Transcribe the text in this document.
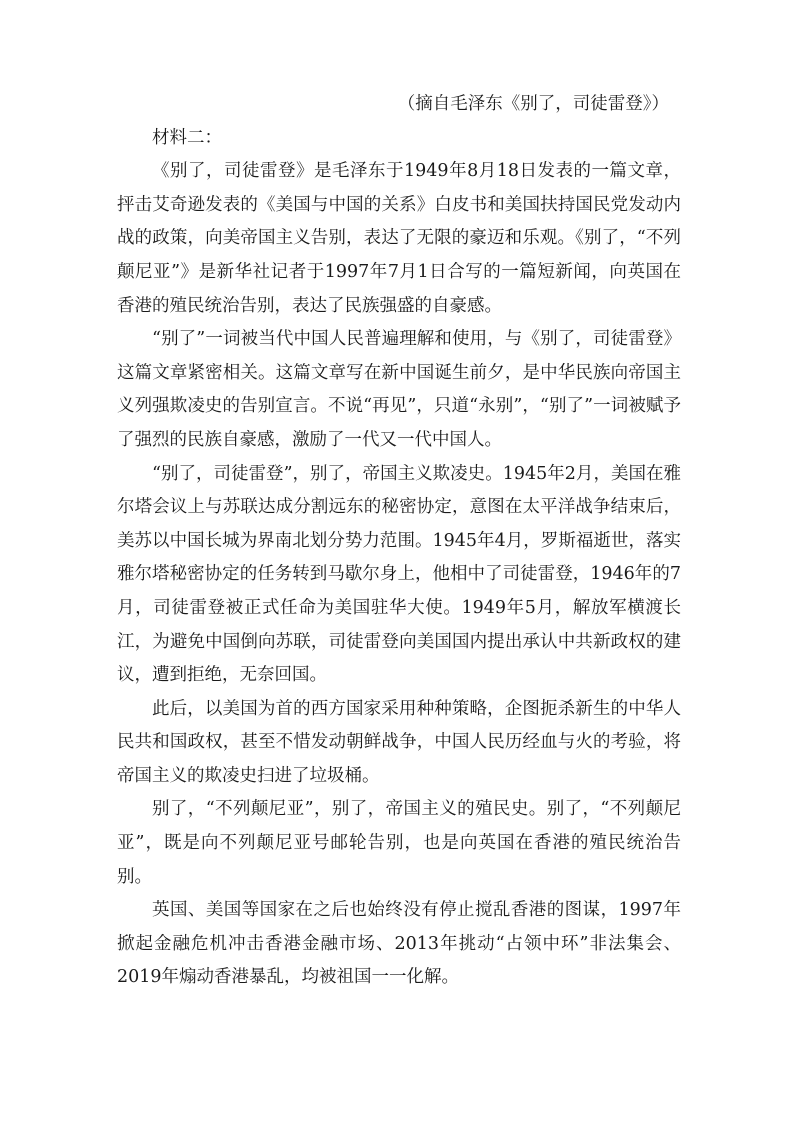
（摘自毛泽东《别了，司徒雷登》）

材料二：

《别了，司徒雷登》是毛泽东于1949年8月18日发表的一篇文章，抨击艾奇逊发表的《美国与中国的关系》白皮书和美国扶持国民党发动内战的政策，向美帝国主义告别，表达了无限的豪迈和乐观。《别了，“不列颠尼亚”》是新华社记者于1997年7月1日合写的一篇短新闻，向英国在香港的殖民统治告别，表达了民族强盛的自豪感。

“别了”一词被当代中国人民普遍理解和使用，与《别了，司徒雷登》这篇文章紧密相关。这篇文章写在新中国诞生前夕，是中华民族向帝国主义列强欺凌史的告别宣言。不说“再见”，只道“永别”，“别了”一词被赋予了强烈的民族自豪感，激励了一代又一代中国人。

“别了，司徒雷登”，别了，帝国主义欺凌史。1945年2月，美国在雅尔塔会议上与苏联达成分割远东的秘密协定，意图在太平洋战争结束后，美苏以中国长城为界南北划分势力范围。1945年4月，罗斯福逝世，落实雅尔塔秘密协定的任务转到马歇尔身上，他相中了司徒雷登，1946年的7月，司徒雷登被正式任命为美国驻华大使。1949年5月，解放军横渡长江，为避免中国倒向苏联，司徒雷登向美国国内提出承认中共新政权的建议，遭到拒绝，无奈回国。

此后，以美国为首的西方国家采用种种策略，企图扼杀新生的中华人民共和国政权，甚至不惜发动朝鲜战争，中国人民历经血与火的考验，将帝国主义的欺凌史扫进了垃圾桶。

别了，“不列颠尼亚”，别了，帝国主义的殖民史。别了，“不列颠尼亚”，既是向不列颠尼亚号邮轮告别，也是向英国在香港的殖民统治告别。

英国、美国等国家在之后也始终没有停止搅乱香港的图谋，1997年掀起金融危机冲击香港金融市场、2013年挑动“占领中环”非法集会、2019年煽动香港暴乱，均被祖国一一化解。
